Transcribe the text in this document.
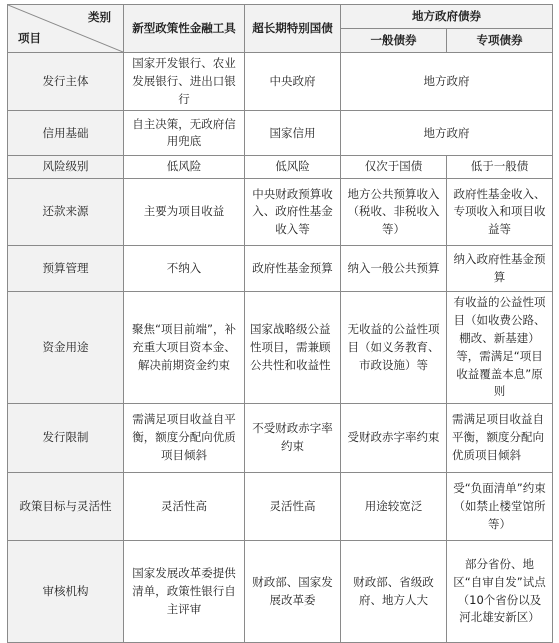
类别
项目	新型政策性金融工具	超长期特别国债	地方政府债券	
			一般债券	专项债券
发行主体	国家开发银行、农业发展银行、进出口银行	中央政府	地方政府	
信用基础	自主决策，无政府信用兜底	国家信用	地方政府	
风险级别	低风险	低风险	仅次于国债	低于一般债
还款来源	主要为项目收益	中央财政预算收入、政府性基金收入等	地方公共预算收入（税收、非税收入等）	政府性基金收入、专项收入和项目收益等
预算管理	不纳入	政府性基金预算	纳入一般公共预算	纳入政府性基金预算
资金用途	聚焦“项目前端”，补充重大项目资本金、解决前期资金约束	国家战略级公益性项目，需兼顾公共性和收益性	无收益的公益性项目（如义务教育、市政设施）等	有收益的公益性项目（如收费公路、棚改、新基建）等，需满足“项目收益覆盖本息”原则
发行限制	需满足项目收益自平衡，额度分配向优质项目倾斜	不受财政赤字率约束	受财政赤字率约束	需满足项目收益自平衡，额度分配向优质项目倾斜
政策目标与灵活性	灵活性高	灵活性高	用途较宽泛	受“负面清单”约束（如禁止楼堂馆所等）
审核机构	国家发展改革委提供清单，政策性银行自主评审	财政部、国家发展改革委	财政部、省级政府、地方人大	部分省份、地区“自审自发”试点（10个省份以及河北雄安新区）
